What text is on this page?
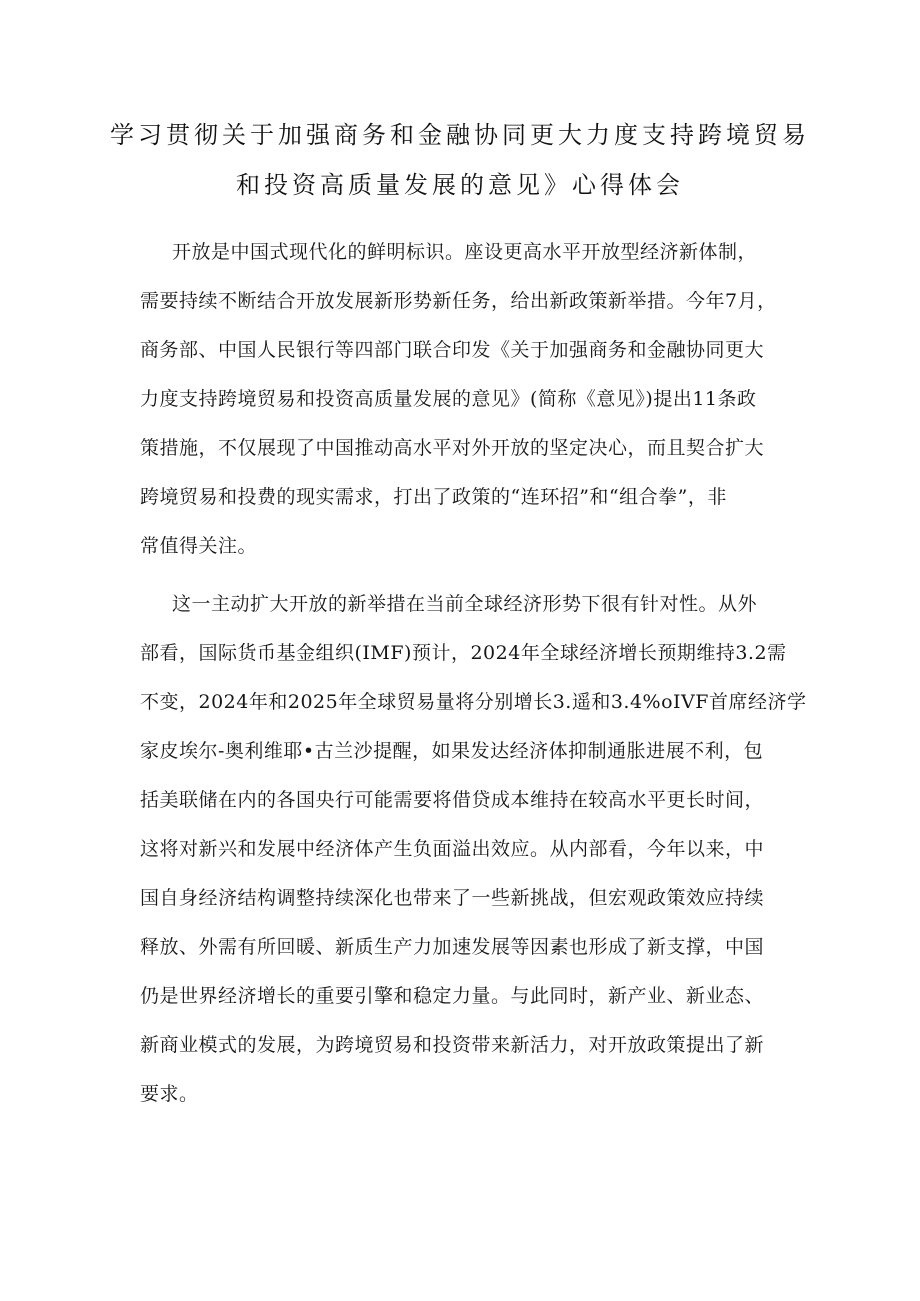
学习贯彻关于加强商务和金融协同更大力度支持跨境贸易
和投资高质量发展的意见》心得体会
开放是中国式现代化的鲜明标识。座设更高水平开放型经济新体制，
需要持续不断结合开放发展新形势新任务，给出新政策新举措。今年7月，
商务部、中国人民银行等四部门联合印发《关于加强商务和金融协同更大
力度支持跨境贸易和投资高质量发展的意见》(简称《意见》)提出11条政
策措施，不仅展现了中国推动高水平对外开放的坚定决心，而且契合扩大
跨境贸易和投费的现实需求，打出了政策的“连环招”和“组合拳”，非
常值得关注。
这一主动扩大开放的新举措在当前全球经济形势下很有针对性。从外
部看，国际货币基金组织(IMF)预计，2024年全球经济增长预期维持3.2需
不变，2024年和2025年全球贸易量将分别增长3.遥和3.4%oIVF首席经济学
家皮埃尔-奥利维耶•古兰沙提醒，如果发达经济体抑制通胀进展不利，包
括美联储在内的各国央行可能需要将借贷成本维持在较高水平更长时间，
这将对新兴和发展中经济体产生负面溢出效应。从内部看，今年以来，中
国自身经济结构调整持续深化也带来了一些新挑战，但宏观政策效应持续
释放、外需有所回暖、新质生产力加速发展等因素也形成了新支撑，中国
仍是世界经济增长的重要引擎和稳定力量。与此同时，新产业、新业态、
新商业模式的发展，为跨境贸易和投资带来新活力，对开放政策提出了新
要求。
